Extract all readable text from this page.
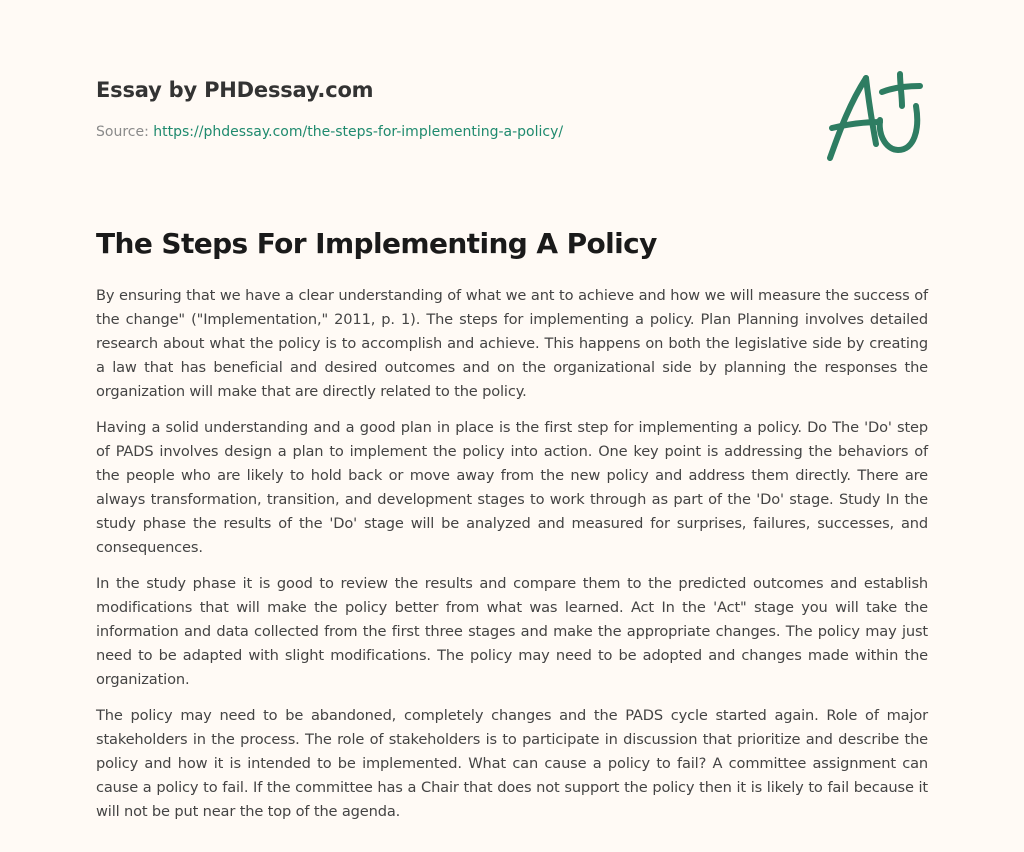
Essay by PHDessay.com
Source: https://phdessay.com/the-steps-for-implementing-a-policy/
The Steps For Implementing A Policy

By ensuring that we have a clear understanding of what we ant to achieve and how we will measure the success of the change" ("Implementation," 2011, p. 1). The steps for implementing a policy. Plan Planning involves detailed research about what the policy is to accomplish and achieve. This happens on both the legislative side by creating a law that has beneficial and desired outcomes and on the organizational side by planning the responses the organization will make that are directly related to the policy.

Having a solid understanding and a good plan in place is the first step for implementing a policy. Do The 'Do' step of PADS involves design a plan to implement the policy into action. One key point is addressing the behaviors of the people who are likely to hold back or move away from the new policy and address them directly. There are always transformation, transition, and development stages to work through as part of the 'Do' stage. Study In the study phase the results of the 'Do' stage will be analyzed and measured for surprises, failures, successes, and consequences.

In the study phase it is good to review the results and compare them to the predicted outcomes and establish modifications that will make the policy better from what was learned. Act In the 'Act" stage you will take the information and data collected from the first three stages and make the appropriate changes. The policy may just need to be adapted with slight modifications. The policy may need to be adopted and changes made within the organization.

The policy may need to be abandoned, completely changes and the PADS cycle started again. Role of major stakeholders in the process. The role of stakeholders is to participate in discussion that prioritize and describe the policy and how it is intended to be implemented. What can cause a policy to fail? A committee assignment can cause a policy to fail. If the committee has a Chair that does not support the policy then it is likely to fail because it will not be put near the top of the agenda.
